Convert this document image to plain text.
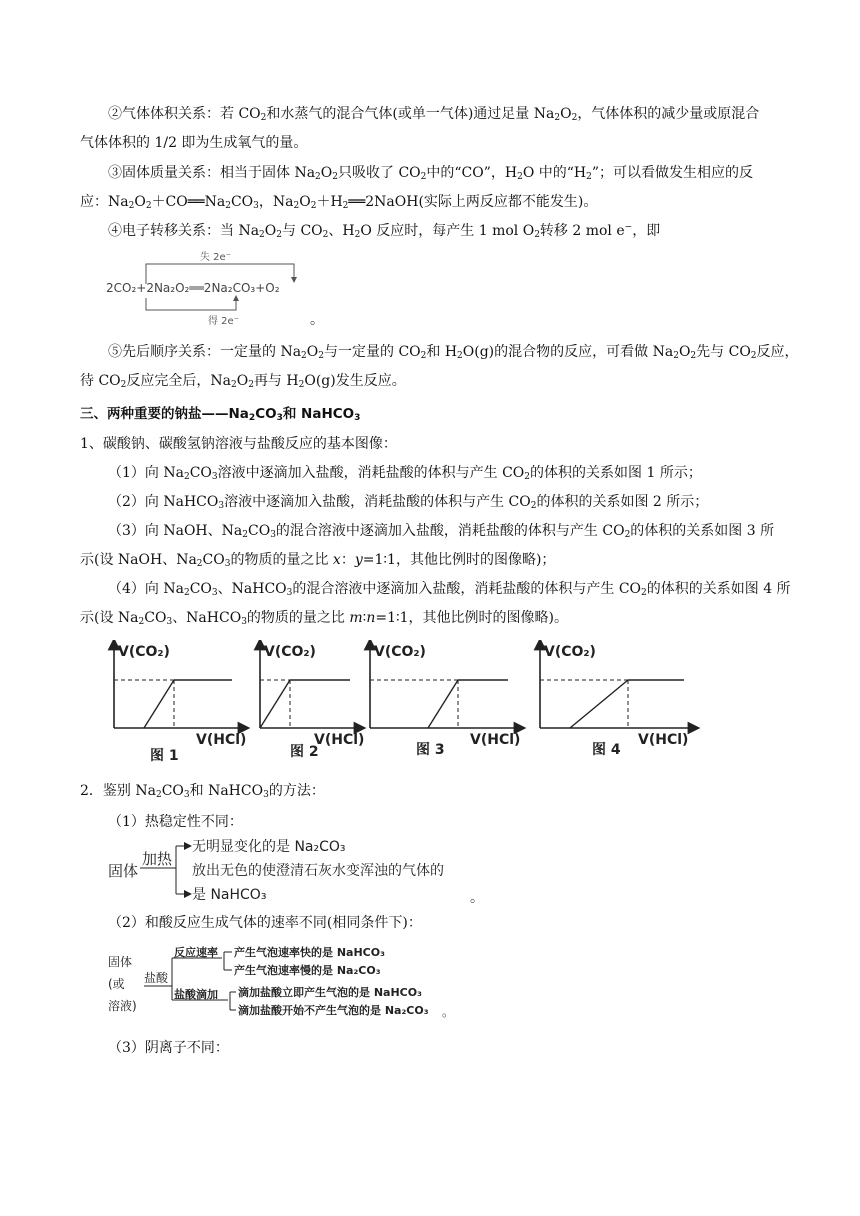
②气体体积关系：若 $CO_2$和水蒸气的混合气体(或单一气体)通过足量 $Na_2O_2$，气体体积的减少量或原混合
气体体积的 1/2 即为生成氧气的量。
③固体质量关系：相当于固体 $Na_2O_2$只吸收了 $CO_2$中的“CO”，$H_2O$ 中的“$H_2$”；可以看做发生相应的反
应：$Na_2O_2+CO══Na_2CO_3$，$Na_2O_2+H_2══2NaOH$(实际上两反应都不能发生)。
④电子转移关系：当 $Na_2O_2$与 $CO_2$、$H_2O$ 反应时，每产生 1 mol $O_2$转移 2 mol e−，即
失 2e⁻
2CO₂+2Na₂O₂══2Na₂CO₃+O₂
得 2e⁻	。
⑤先后顺序关系：一定量的 $Na_2O_2$与一定量的 $CO_2$和 $H_2O(g)$的混合物的反应，可看做 $Na_2O_2$先与 $CO_2$反应，
待 $CO_2$反应完全后，$Na_2O_2$再与 $H_2O(g)$发生反应。
三、两种重要的钠盐$——Na_2CO_3$和 NaHCO$_3$
1、碳酸钠、碳酸氢钠溶液与盐酸反应的基本图像：
（1）向 $Na_2CO_3$溶液中逐滴加入盐酸，消耗盐酸的体积与产生 $CO_2$的体积的关系如图 1 所示；
（2）向 NaHCO$_3$溶液中逐滴加入盐酸，消耗盐酸的体积与产生 $CO_2$的体积的关系如图 2 所示；
（3）向 NaOH、$Na_2CO_3$的混合溶液中逐滴加入盐酸，消耗盐酸的体积与产生 $CO_2$的体积的关系如图 3 所
示(设 NaOH、$Na_2CO_3$的物质的量之比 x：y=1∶1，其他比例时的图像略)；
（4）向 $Na_2CO_3$、NaHCO$_3$的混合溶液中逐滴加入盐酸，消耗盐酸的体积与产生 $CO_2$的体积的关系如图 4 所
示(设 $Na_2CO_3$、NaHCO$_3$的物质的量之比 m∶n=1∶1，其他比例时的图像略)。
V(CO₂)
V(HCl)
图 1
V(CO₂)
V(HCl)
图 2
V(CO₂)
V(HCl)
图 3
V(CO₂)
V(HCl)
图 4
2．鉴别 $Na_2CO_3$和 NaHCO$_3$的方法：
（1）热稳定性不同：
固体
加热
无明显变化的是 Na₂CO₃
放出无色的使澄清石灰水变浑浊的气体的
是 NaHCO₃	。
（2）和酸反应生成气体的速率不同(相同条件下)：
固体
(或
溶液)
盐酸
反应速率
盐酸滴加
产生气泡速率快的是 NaHCO₃
产生气泡速率慢的是 Na₂CO₃
滴加盐酸立即产生气泡的是 NaHCO₃
滴加盐酸开始不产生气泡的是 Na₂CO₃ 。
（3）阴离子不同：
